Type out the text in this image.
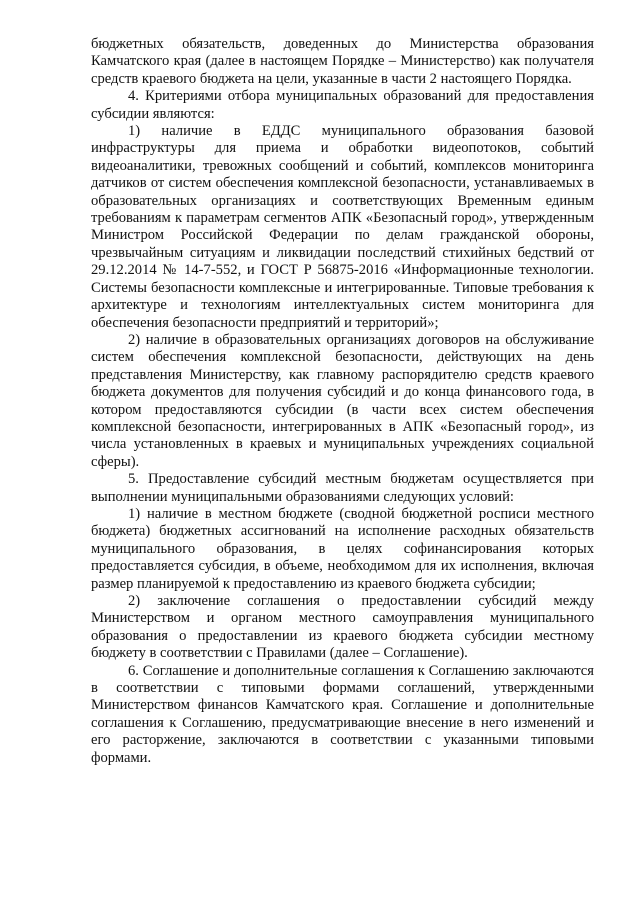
бюджетных обязательств, доведенных до Министерства образования Камчатского края (далее в настоящем Порядке – Министерство) как получателя средств краевого бюджета на цели, указанные в части 2 настоящего Порядка.

4. Критериями отбора муниципальных образований для предоставления субсидии являются:

1) наличие в ЕДДС муниципального образования базовой инфраструктуры для приема и обработки видеопотоков, событий видеоаналитики, тревожных сообщений и событий, комплексов мониторинга датчиков от систем обеспечения комплексной безопасности, устанавливаемых в образовательных организациях и соответствующих Временным единым требованиям к параметрам сегментов АПК «Безопасный город», утвержденным Министром Российской Федерации по делам гражданской обороны, чрезвычайным ситуациям и ликвидации последствий стихийных бедствий от 29.12.2014 № 14-7-552, и ГОСТ Р 56875-2016 «Информационные технологии. Системы безопасности комплексные и интегрированные. Типовые требования к архитектуре и технологиям интеллектуальных систем мониторинга для обеспечения безопасности предприятий и территорий»;

2) наличие в образовательных организациях договоров на обслуживание систем обеспечения комплексной безопасности, действующих на день представления Министерству, как главному распорядителю средств краевого бюджета документов для получения субсидий и до конца финансового года, в котором предоставляются субсидии (в части всех систем обеспечения комплексной безопасности, интегрированных в АПК «Безопасный город», из числа установленных в краевых и муниципальных учреждениях социальной сферы).

5. Предоставление субсидий местным бюджетам осуществляется при выполнении муниципальными образованиями следующих условий:

1) наличие в местном бюджете (сводной бюджетной росписи местного бюджета) бюджетных ассигнований на исполнение расходных обязательств муниципального образования, в целях софинансирования которых предоставляется субсидия, в объеме, необходимом для их исполнения, включая размер планируемой к предоставлению из краевого бюджета субсидии;

2) заключение соглашения о предоставлении субсидий между Министерством и органом местного самоуправления муниципального образования о предоставлении из краевого бюджета субсидии местному бюджету в соответствии с Правилами (далее – Соглашение).

6. Соглашение и дополнительные соглашения к Соглашению заключаются в соответствии с типовыми формами соглашений, утвержденными Министерством финансов Камчатского края. Соглашение и дополнительные соглашения к Соглашению, предусматривающие внесение в него изменений и его расторжение, заключаются в соответствии с указанными типовыми формами.
